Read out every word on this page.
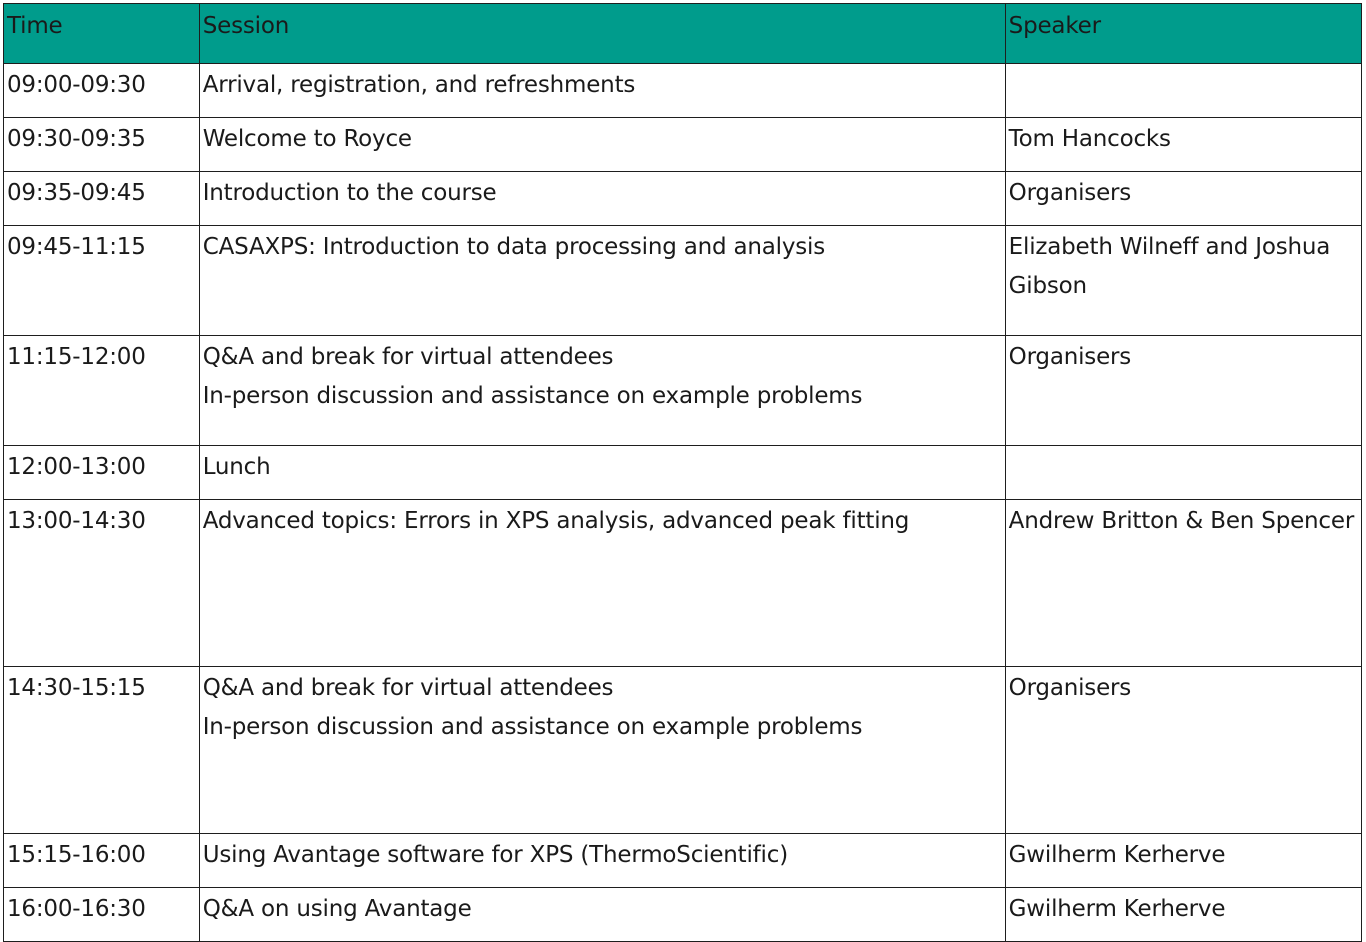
Time	Session	Speaker
09:00-09:30	Arrival, registration, and refreshments	

09:30-09:35	Welcome to Royce	Tom Hancocks
09:35-09:45	Introduction to the course	Organisers
09:45-11:15	CASAXPS: Introduction to data processing and analysis	Elizabeth Wilneff and Joshua Gibson
11:15-12:00	Q&A and break for virtual attendees
In-person discussion and assistance on example problems	Organisers
12:00-13:00	Lunch	

13:00-14:30	Advanced topics: Errors in XPS analysis, advanced peak fitting	Andrew Britton & Ben Spencer
14:30-15:15	Q&A and break for virtual attendees
In-person discussion and assistance on example problems	Organisers
15:15-16:00	Using Avantage software for XPS (ThermoScientific)	Gwilherm Kerherve
16:00-16:30	Q&A on using Avantage	Gwilherm Kerherve
